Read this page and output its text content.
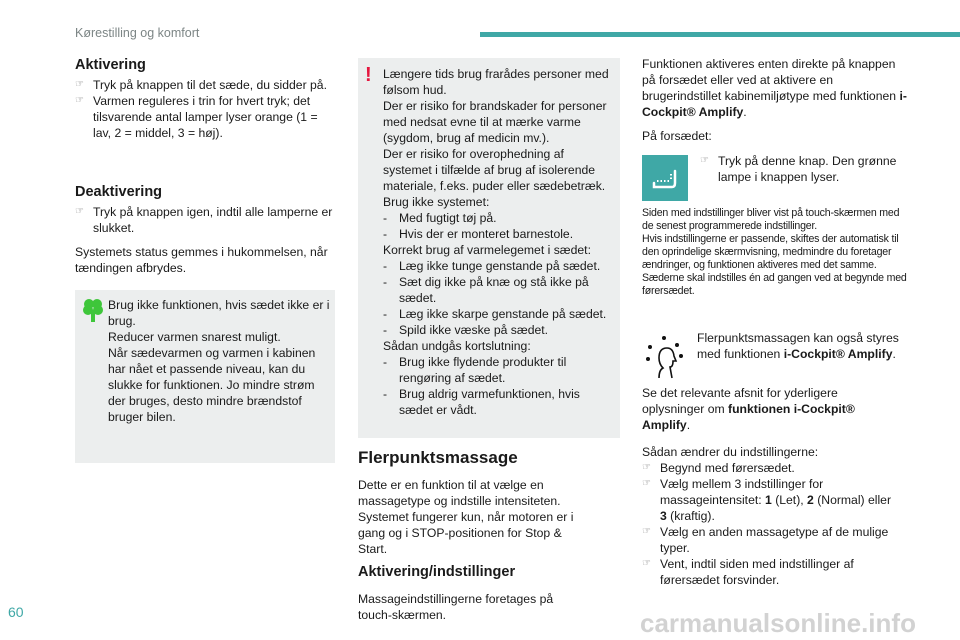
Kørestilling og komfort
Aktivering
☞ Tryk på knappen til det sæde, du sidder på.
☞ Varmen reguleres i trin for hvert tryk; det tilsvarende antal lamper lyser orange (1 = lav, 2 = middel, 3 = høj).
Deaktivering
☞ Tryk på knappen igen, indtil alle lamperne er slukket.
Systemets status gemmes i hukommelsen, når tændingen afbrydes.
Brug ikke funktionen, hvis sædet ikke er i brug.
Reducer varmen snarest muligt.
Når sædevarmen og varmen i kabinen har nået et passende niveau, kan du slukke for funktionen. Jo mindre strøm der bruges, desto mindre brændstof bruger bilen.
! Længere tids brug frarådes personer med følsom hud.
Der er risiko for brandskader for personer med nedsat evne til at mærke varme (sygdom, brug af medicin mv.).
Der er risiko for overophedning af systemet i tilfælde af brug af isolerende materiale, f.eks. puder eller sædebetræk.
Brug ikke systemet:
- Med fugtigt tøj på.
- Hvis der er monteret barnestole.
Korrekt brug af varmelegemet i sædet:
- Læg ikke tunge genstande på sædet.
- Sæt dig ikke på knæ og stå ikke på sædet.
- Læg ikke skarpe genstande på sædet.
- Spild ikke væske på sædet.
Sådan undgås kortslutning:
- Brug ikke flydende produkter til rengøring af sædet.
- Brug aldrig varmefunktionen, hvis sædet er vådt.
Flerpunktsmassage
Dette er en funktion til at vælge en massagetype og indstille intensiteten. Systemet fungerer kun, når motoren er i gang og i STOP-positionen for Stop & Start.
Aktivering/indstillinger
Massageindstillingerne foretages på touch-skærmen.
Funktionen aktiveres enten direkte på knappen på forsædet eller ved at aktivere en brugerindstillet kabinemiljøtype med funktionen i-Cockpit® Amplify.
På forsædet:
☞ Tryk på denne knap. Den grønne lampe i knappen lyser.
Siden med indstillinger bliver vist på touch-skærmen med de senest programmerede indstillinger.
Hvis indstillingerne er passende, skiftes der automatisk til den oprindelige skærmvisning, medmindre du foretager ændringer, og funktionen aktiveres med det samme.
Sæderne skal indstilles én ad gangen ved at begynde med førersædet.
Flerpunktsmassagen kan også styres med funktionen i-Cockpit® Amplify.
Se det relevante afsnit for yderligere oplysninger om funktionen i-Cockpit® Amplify.
Sådan ændrer du indstillingerne:
☞ Begynd med førersædet.
☞ Vælg mellem 3 indstillinger for massageintensitet: 1 (Let), 2 (Normal) eller 3 (kraftig).
☞ Vælg en anden massagetype af de mulige typer.
☞ Vent, indtil siden med indstillinger af førersædet forsvinder.
60	carmanualsonline.info
